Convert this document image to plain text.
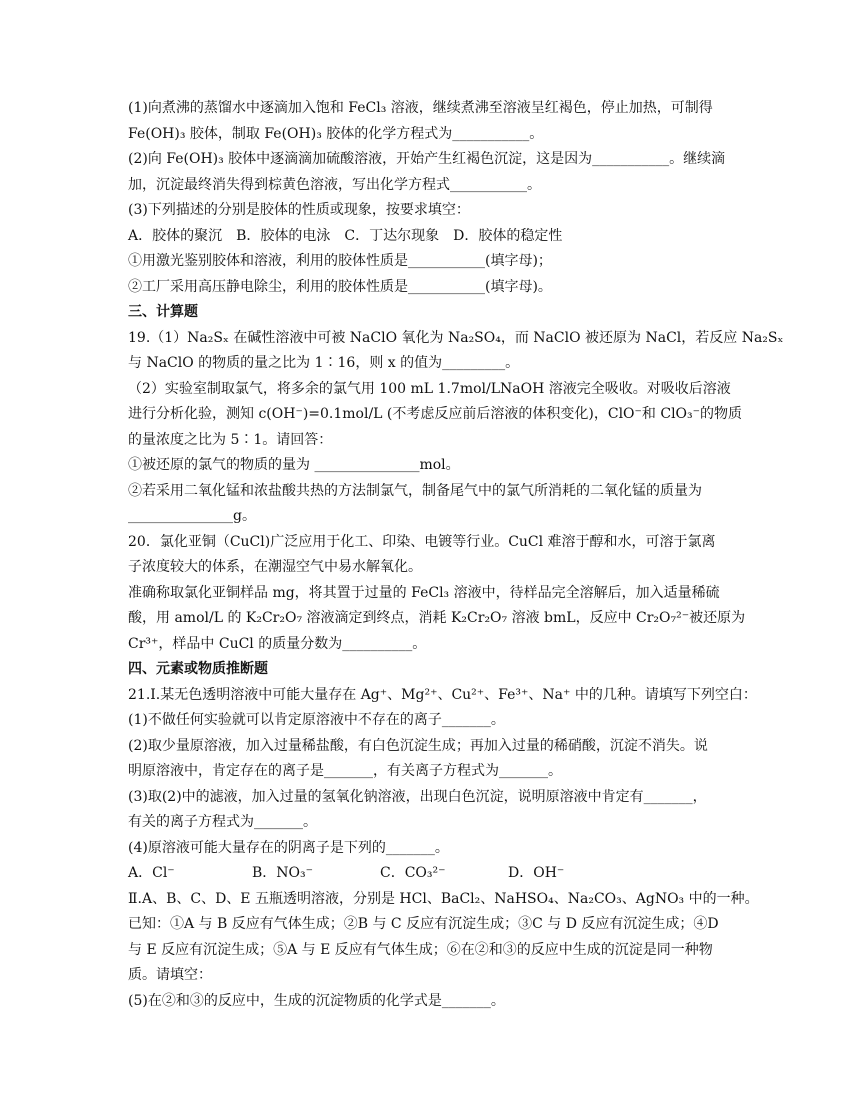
(1)向煮沸的蒸馏水中逐滴加入饱和 FeCl₃ 溶液，继续煮沸至溶液呈红褐色，停止加热，可制得
Fe(OH)₃ 胶体，制取 Fe(OH)₃ 胶体的化学方程式为___________。
(2)向 Fe(OH)₃ 胶体中逐滴滴加硫酸溶液，开始产生红褐色沉淀，这是因为___________。继续滴
加，沉淀最终消失得到棕黄色溶液，写出化学方程式___________。
(3)下列描述的分别是胶体的性质或现象，按要求填空：
A．胶体的聚沉　B．胶体的电泳　C．丁达尔现象　D．胶体的稳定性
①用激光鉴别胶体和溶液，利用的胶体性质是___________(填字母)；
②工厂采用高压静电除尘，利用的胶体性质是___________(填字母)。
三、计算题
19.（1）Na₂Sₓ 在碱性溶液中可被 NaClO 氧化为 Na₂SO₄，而 NaClO 被还原为 NaCl，若反应 Na₂Sₓ
与 NaClO 的物质的量之比为 1∶16，则 x 的值为_________。
（2）实验室制取氯气，将多余的氯气用 100 mL 1.7mol/LNaOH 溶液完全吸收。对吸收后溶液
进行分析化验，测知 c(OH⁻)=0.1mol/L (不考虑反应前后溶液的体积变化)，ClO⁻和 ClO₃⁻的物质
的量浓度之比为 5∶1。请回答：
①被还原的氯气的物质的量为 _______________mol。
②若采用二氧化锰和浓盐酸共热的方法制氯气，制备尾气中的氯气所消耗的二氧化锰的质量为
_______________g。
20．氯化亚铜（CuCl)广泛应用于化工、印染、电镀等行业。CuCl 难溶于醇和水，可溶于氯离
子浓度较大的体系，在潮湿空气中易水解氧化。
准确称取氯化亚铜样品 mg，将其置于过量的 FeCl₃ 溶液中，待样品完全溶解后，加入适量稀硫
酸，用 amol/L 的 K₂Cr₂O₇ 溶液滴定到终点，消耗 K₂Cr₂O₇ 溶液 bmL，反应中 Cr₂O₇²⁻被还原为
Cr³⁺，样品中 CuCl 的质量分数为__________。
四、元素或物质推断题
21.Ⅰ.某无色透明溶液中可能大量存在 Ag⁺、Mg²⁺、Cu²⁺、Fe³⁺、Na⁺ 中的几种。请填写下列空白：
(1)不做任何实验就可以肯定原溶液中不存在的离子_______。
(2)取少量原溶液，加入过量稀盐酸，有白色沉淀生成；再加入过量的稀硝酸，沉淀不消失。说
明原溶液中，肯定存在的离子是_______，有关离子方程式为_______。
(3)取(2)中的滤液，加入过量的氢氧化钠溶液，出现白色沉淀，说明原溶液中肯定有_______，
有关的离子方程式为_______。
(4)原溶液可能大量存在的阴离子是下列的_______。
A．Cl⁻	B．NO₃⁻	C．CO₃²⁻	D．OH⁻
Ⅱ.A、B、C、D、E 五瓶透明溶液，分别是 HCl、BaCl₂、NaHSO₄、Na₂CO₃、AgNO₃ 中的一种。
已知：①A 与 B 反应有气体生成；②B 与 C 反应有沉淀生成；③C 与 D 反应有沉淀生成；④D
与 E 反应有沉淀生成；⑤A 与 E 反应有气体生成；⑥在②和③的反应中生成的沉淀是同一种物
质。请填空：
(5)在②和③的反应中，生成的沉淀物质的化学式是_______。
